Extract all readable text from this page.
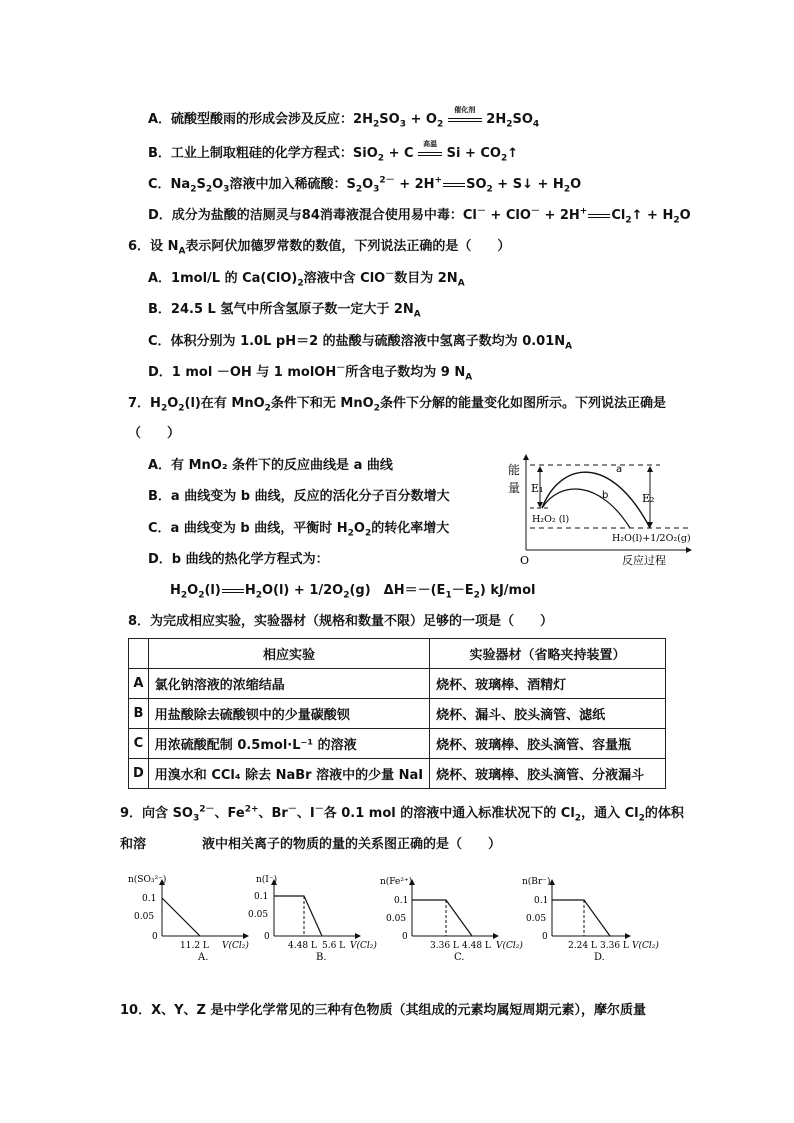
A．硫酸型酸雨的形成会涉及反应：$2H_2SO_3 + O_2$
催化剂
$2H_2SO_4$
B．工业上制取粗硅的化学方程式：SiO$_2$ + C
高温
$Si + CO_2↑$
C．$Na_2S_2O_3$溶液中加入稀硫酸：$S_2O_3^{2-} + 2H^+$ $SO_2$ + S↓ + $H_2O$
D．成分为盐酸的洁厕灵与84消毒液混合使用易中毒：Cl－ + ClO－ + 2H+ $Cl_2↑ + H_2O$
6．设 $N_A$表示阿伏加德罗常数的数值，下列说法正确的是（　　）
A．1mol/L 的 $Ca(ClO)_2$溶液中含 ClO－数目为 $2N_A$
B．24.5 L 氢气中所含氢原子数一定大于 $2N_A$
C．体积分别为 1.0L pH＝2 的盐酸与硫酸溶液中氢离子数均为 $0.01N_A$
D．1 mol －OH 与 1 molOH－所含电子数均为 9 $N_A$
7．$H_2O_2(l)$在有 MnO$_2$条件下和无 MnO$_2$条件下分解的能量变化如图所示。下列说法正确是
（　　）
A．有 MnO₂ 条件下的反应曲线是 a 曲线
B．a 曲线变为 b 曲线，反应的活化分子百分数增大
C．a 曲线变为 b 曲线，平衡时 $H_2O_2$的转化率增大
D．b 曲线的热化学方程式为：
$H_2O_2(l) H_2O(l) + 1/2O_2(g)$　$\Delta H=-(E_1-E_2)$ kJ/mol
能
量
O	反应过程
a
b
E₁
E₂
H₂O₂ (l)
H₂O(l)+1/2O₂(g)
8．为完成相应实验，实验器材（规格和数量不限）足够的一项是（　　）
	相应实验	实验器材（省略夹持装置）
A	氯化钠溶液的浓缩结晶	烧杯、玻璃棒、酒精灯
B	用盐酸除去硫酸钡中的少量碳酸钡	烧杯、漏斗、胶头滴管、滤纸
C	用浓硫酸配制 0.5mol·L⁻¹ 的溶液	烧杯、玻璃棒、胶头滴管、容量瓶
D	用溴水和 CCl₄ 除去 NaBr 溶液中的少量 NaI	烧杯、玻璃棒、胶头滴管、分液漏斗
9．向含 $SO_3^{2-}$、$Fe^{2+}$、Br－、I－各 0.1 mol 的溶液中通入标准状况下的 $Cl_2$，通入 $Cl_2$的体积
和溶	液中相关离子的物质的量的关系图正确的是（　　）
n(SO₃²⁻)
0.1
0.05
0
11.2 L V(Cl₂)
A.
n(I⁻)
0.1
0.05
0
4.48 L 5.6 L V(Cl₂)
B.
n(Fe²⁺)
0.1
0.05
0
3.36 L 4.48 L V(Cl₂)
C.
n(Br⁻)
0.1
0.05
0
2.24 L 3.36 L V(Cl₂)
D.
10．X、Y、Z 是中学化学常见的三种有色物质（其组成的元素均属短周期元素），摩尔质量
